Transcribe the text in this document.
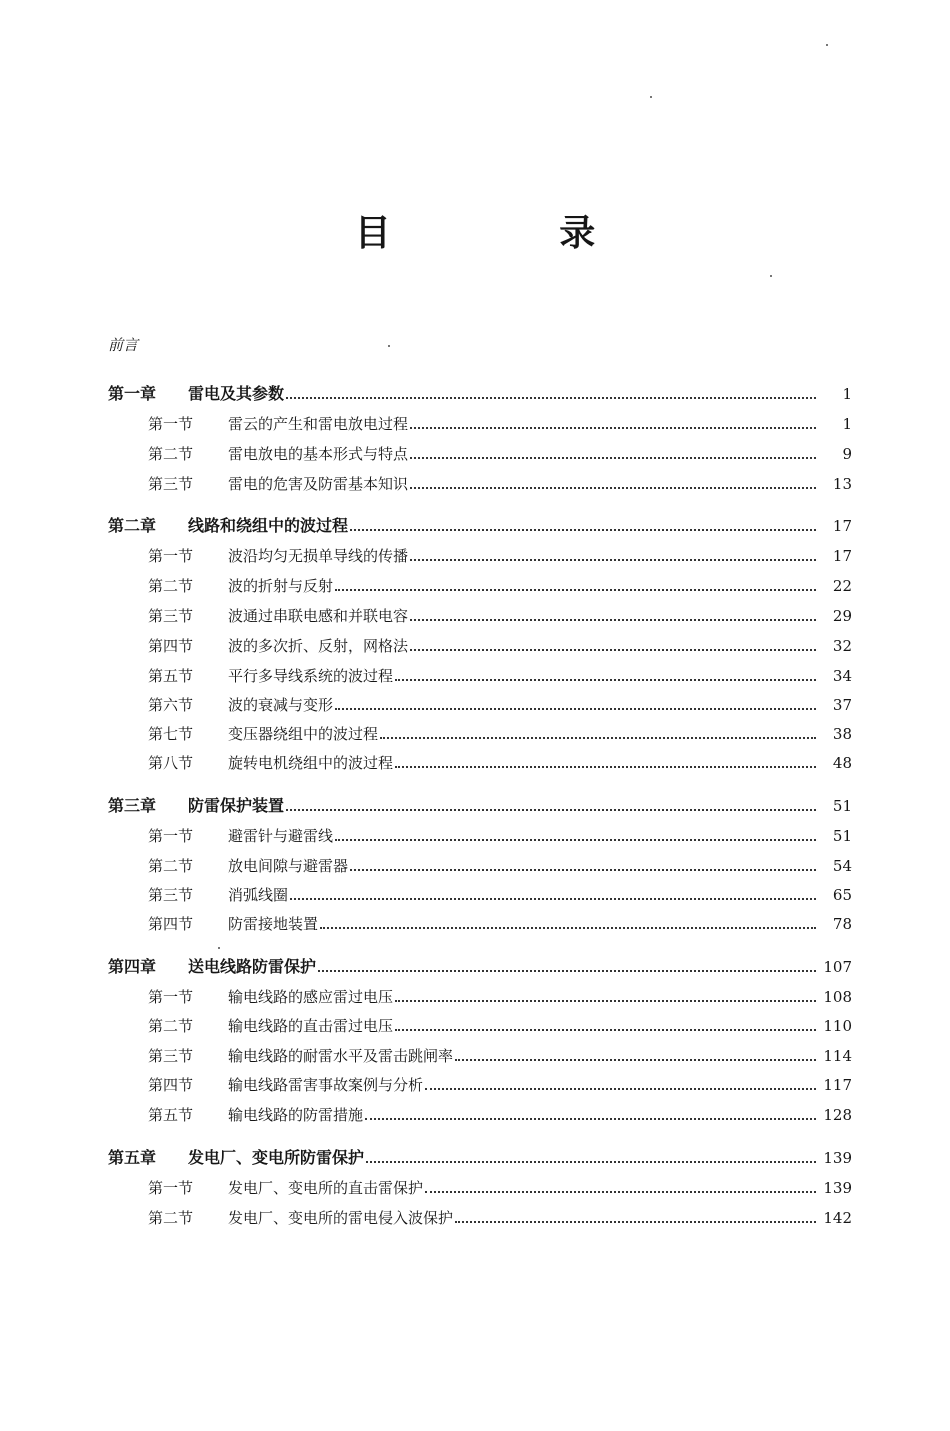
目 录
前言
第一章	雷电及其参数	1
第一节	雷云的产生和雷电放电过程	1
第二节	雷电放电的基本形式与特点	9
第三节	雷电的危害及防雷基本知识	13
第二章	线路和绕组中的波过程	17
第一节	波沿均匀无损单导线的传播	17
第二节	波的折射与反射	22
第三节	波通过串联电感和并联电容	29
第四节	波的多次折、反射，网格法	32
第五节	平行多导线系统的波过程	34
第六节	波的衰减与变形	37
第七节	变压器绕组中的波过程	38
第八节	旋转电机绕组中的波过程	48
第三章	防雷保护装置	51
第一节	避雷针与避雷线	51
第二节	放电间隙与避雷器	54
第三节	消弧线圈	65
第四节	防雷接地装置	78
第四章	送电线路防雷保护	107
第一节	输电线路的感应雷过电压	108
第二节	输电线路的直击雷过电压	110
第三节	输电线路的耐雷水平及雷击跳闸率	114
第四节	输电线路雷害事故案例与分析	117
第五节	输电线路的防雷措施	128
第五章	发电厂、变电所防雷保护	139
第一节	发电厂、变电所的直击雷保护	139
第二节	发电厂、变电所的雷电侵入波保护	142
